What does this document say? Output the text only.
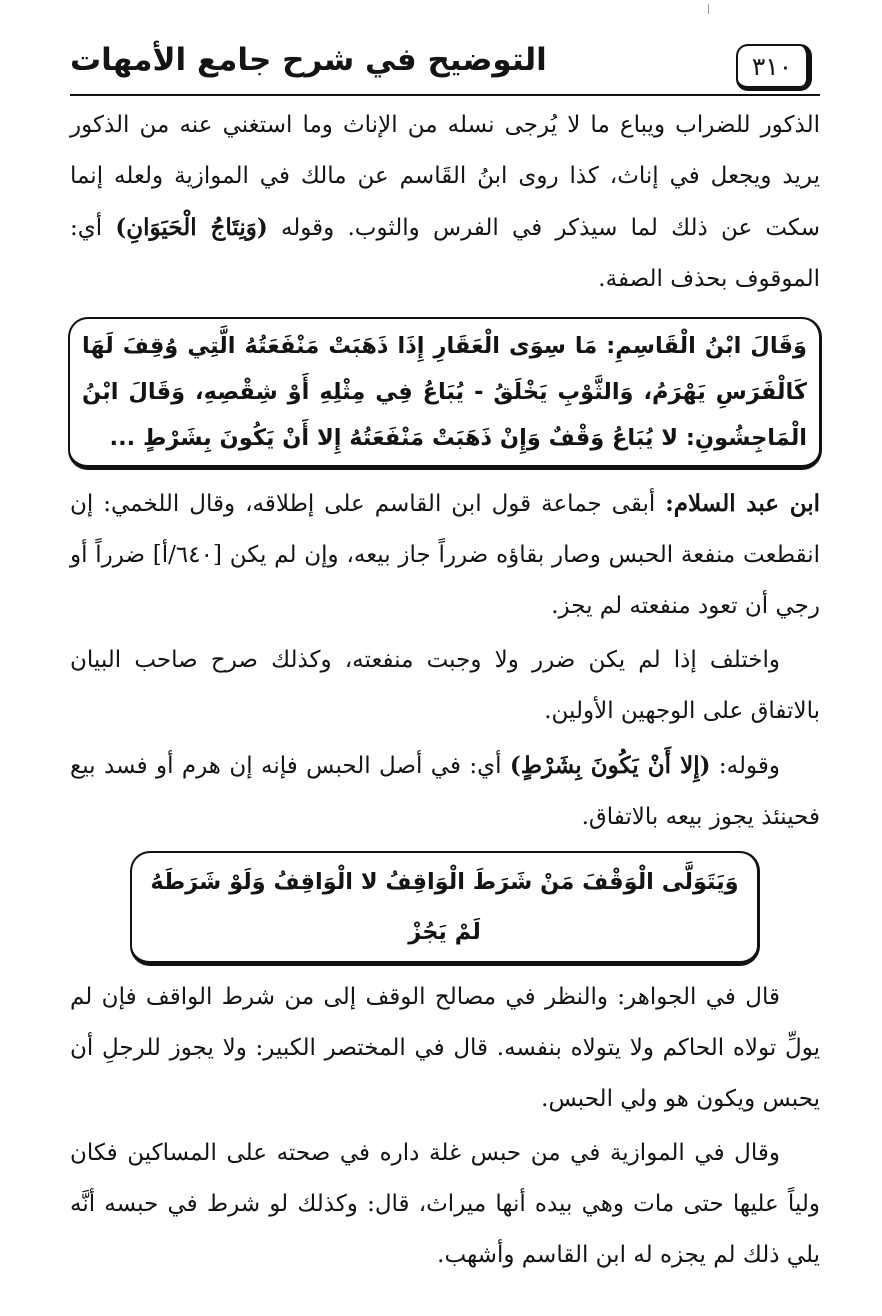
٣١٠
التوضيح في شرح جامع الأمهات

الذكور للضراب ويباع ما لا يُرجى نسله من الإناث وما استغني عنه من الذكور يريد ويجعل في إناث، كذا روى ابنُ القَاسم عن مالك في الموازية ولعله إنما سكت عن ذلك لما سيذكر في الفرس والثوب. وقوله (وَنِتَاجُ الْحَيَوَانِ) أي: الموقوف بحذف الصفة.

وَقَالَ ابْنُ الْقَاسِمِ: مَا سِوَى الْعَقَارِ إِذَا ذَهَبَتْ مَنْفَعَتُهُ الَّتِي وُقِفَ لَهَا كَالْفَرَسِ يَهْرَمُ، وَالثَّوْبِ يَخْلَقُ - يُبَاعُ فِي مِثْلِهِ أَوْ شِقْصِهِ، وَقَالَ ابْنُ الْمَاجِشُونِ: لا يُبَاعُ وَقْفٌ وَإِنْ ذَهَبَتْ مَنْفَعَتُهُ إِلا أَنْ يَكُونَ بِشَرْطٍ ...

ابن عبد السلام: أبقى جماعة قول ابن القاسم على إطلاقه، وقال اللخمي: إن انقطعت منفعة الحبس وصار بقاؤه ضرراً جاز بيعه، وإن لم يكن [٦٤٠/أ] ضرراً أو رجي أن تعود منفعته لم يجز.

واختلف إذا لم يكن ضرر ولا وجبت منفعته، وكذلك صرح صاحب البيان بالاتفاق على الوجهين الأولين.

وقوله: (إِلا أَنْ يَكُونَ بِشَرْطٍ) أي: في أصل الحبس فإنه إن هرم أو فسد بيع فحينئذ يجوز بيعه بالاتفاق.

وَيَتَوَلَّى الْوَقْفَ مَنْ شَرَطَ الْوَاقِفُ لا الْوَاقِفُ وَلَوْ شَرَطَهُ لَمْ يَجُزْ

قال في الجواهر: والنظر في مصالح الوقف إلى من شرط الواقف فإن لم يولِّ تولاه الحاكم ولا يتولاه بنفسه. قال في المختصر الكبير: ولا يجوز للرجلِ أن يحبس ويكون هو ولي الحبس.

وقال في الموازية في من حبس غلة داره في صحته على المساكين فكان ولياً عليها حتى مات وهي بيده أنها ميراث، قال: وكذلك لو شرط في حبسه أنَّه يلي ذلك لم يجزه له ابن القاسم وأشهب.
